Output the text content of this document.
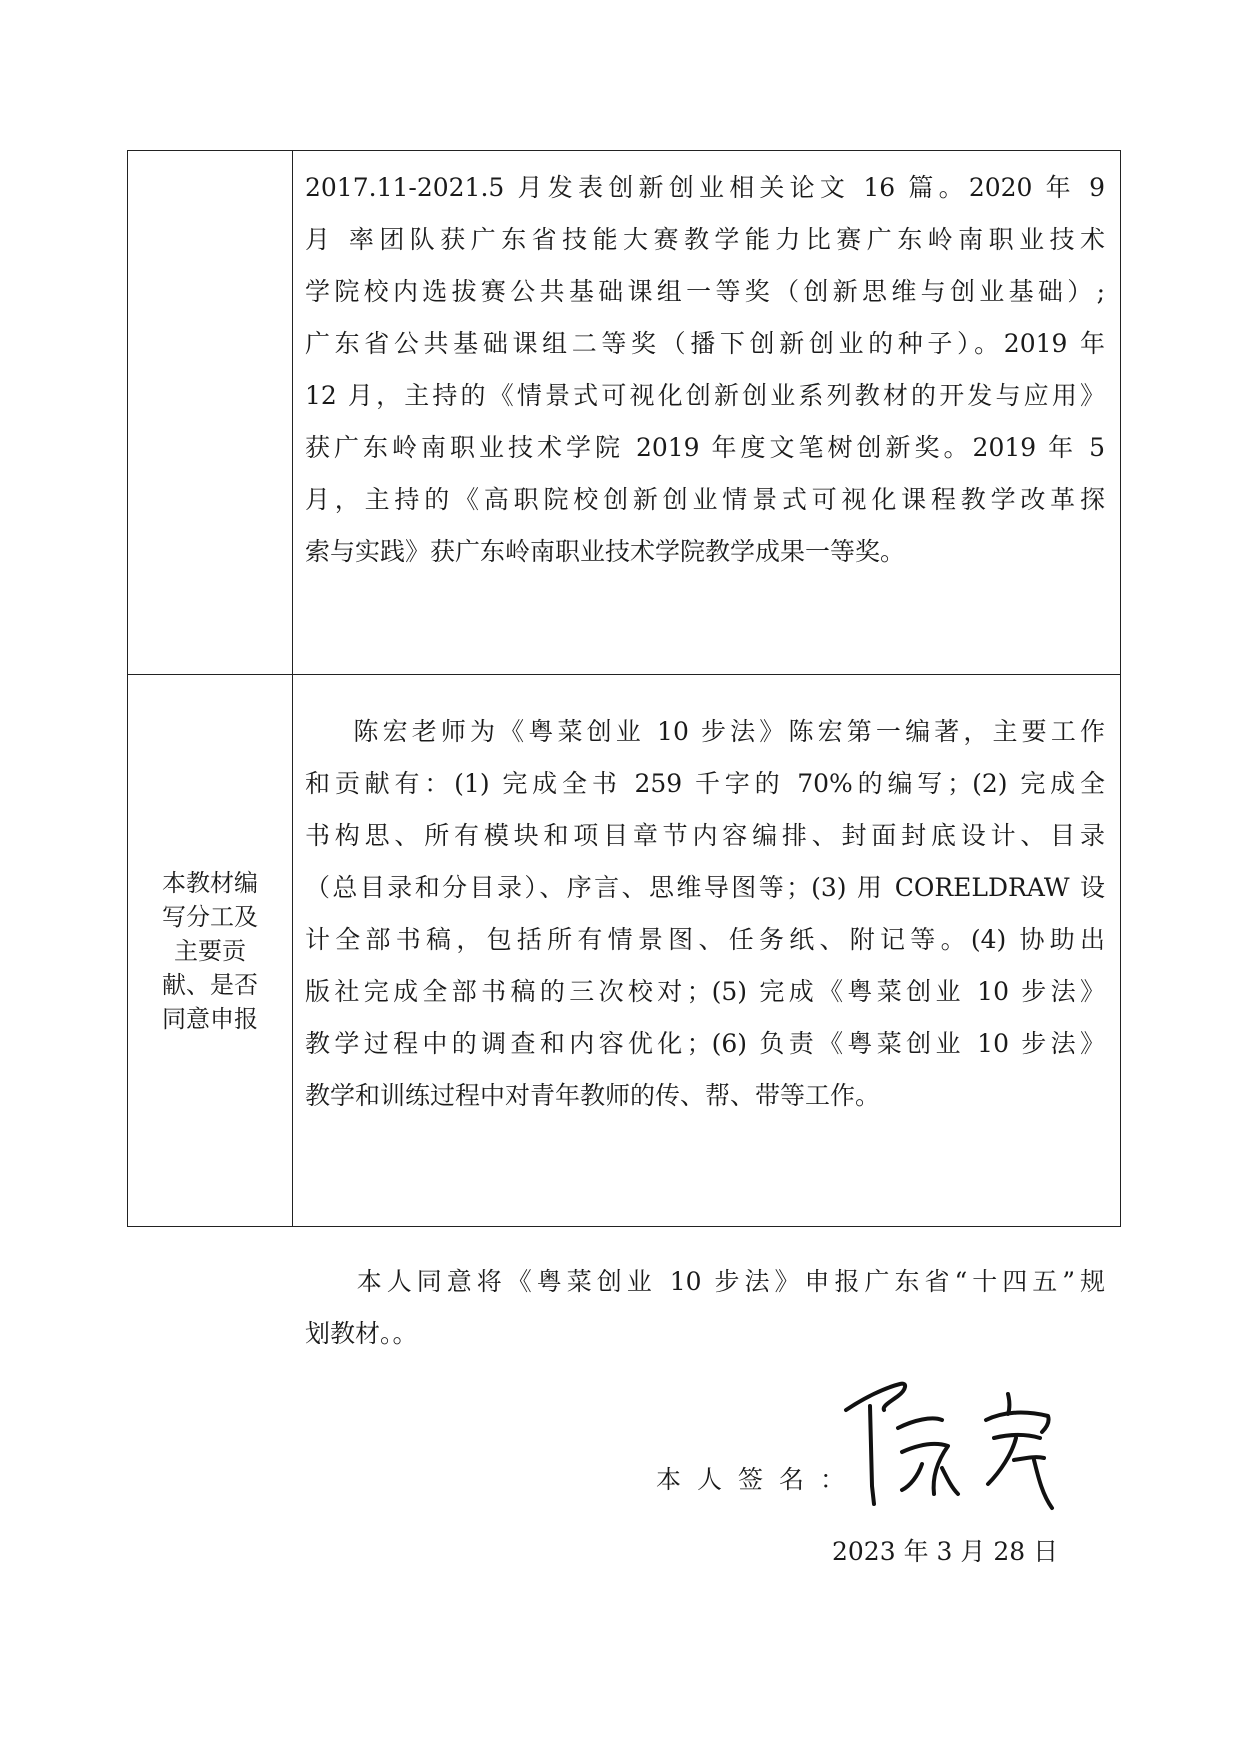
本教材编写分工及主要贡献、是否同意申报
2017.11-2021.5 月发表创新创业相关论文 16 篇。2020 年 9
月 率团队获广东省技能大赛教学能力比赛广东岭南职业技术
学院校内选拔赛公共基础课组一等奖（创新思维与创业基础）;
广东省公共基础课组二等奖（播下创新创业的种子）。2019 年
12 月，主持的《情景式可视化创新创业系列教材的开发与应用》
获广东岭南职业技术学院 2019 年度文笔树创新奖。2019 年 5
月，主持的《高职院校创新创业情景式可视化课程教学改革探
索与实践》获广东岭南职业技术学院教学成果一等奖。
陈宏老师为《粤菜创业 10 步法》陈宏第一编著，主要工作
和贡献有：(1) 完成全书 259 千字的 70%的编写；(2) 完成全
书构思、所有模块和项目章节内容编排、封面封底设计、目录
（总目录和分目录）、序言、思维导图等；(3) 用 CORELDRAW 设
计全部书稿，包括所有情景图、任务纸、附记等。(4) 协助出
版社完成全部书稿的三次校对；(5) 完成《粤菜创业 10 步法》
教学过程中的调查和内容优化；(6) 负责《粤菜创业 10 步法》
教学和训练过程中对青年教师的传、帮、带等工作。
本人同意将《粤菜创业 10 步法》申报广东省“十四五”规
划教材。。
本人签名：
2023 年 3 月 28 日
